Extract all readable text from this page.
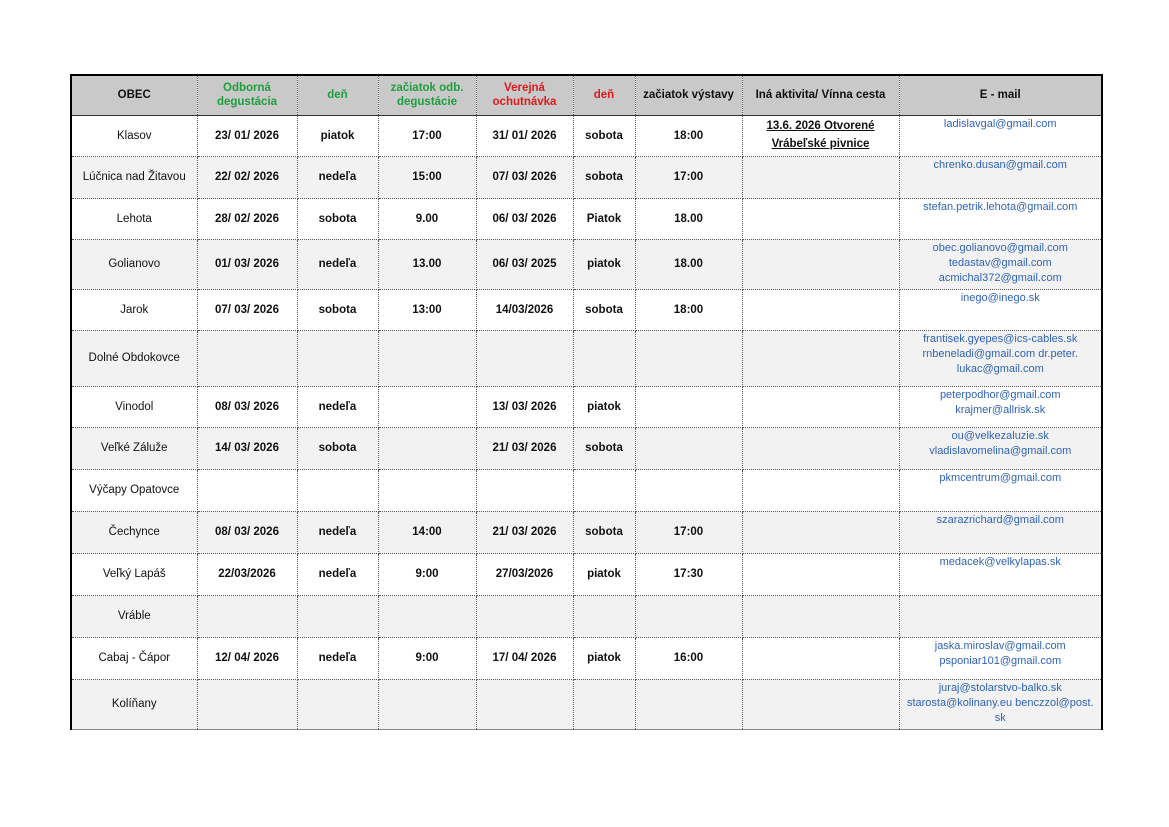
OBEC	Odborná degustácia	deň	začiatok odb. degustácie	Verejná ochutnávka	deň	začiatok výstavy	Iná aktivita/ Vínna cesta	E - mail
Klasov	23/ 01/ 2026	piatok	17:00	31/ 01/ 2026	sobota	18:00	13.6. 2026 Otvorené Vrábeľské pivnice	ladislavgal@gmail.com

Lúčnica nad Žitavou	22/ 02/ 2026	nedeľa	15:00	07/ 03/ 2026	sobota	17:00		chrenko.dusan@gmail.com

Lehota	28/ 02/ 2026	sobota	9.00	06/ 03/ 2026	Piatok	18.00		stefan.petrik.lehota@gmail.com

Golianovo	01/ 03/ 2026	nedeľa	13.00	06/ 03/ 2025	piatok	18.00		obec.golianovo@gmail.com
tedastav@gmail.com
acmichal372@gmail.com

Jarok	07/ 03/ 2026	sobota	13:00	14/03/2026	sobota	18:00		inego@inego.sk

Dolné Obdokovce								frantisek.gyepes@ics-cables.sk
rnbeneladi@gmail.com dr.peter.
lukac@gmail.com

Vinodol	08/ 03/ 2026	nedeľa		13/ 03/ 2026	piatok			peterpodhor@gmail.com
krajmer@allrisk.sk

Veľké Záluže	14/ 03/ 2026	sobota		21/ 03/ 2026	sobota			ou@velkezaluzie.sk
vladislavomelina@gmail.com

Výčapy Opatovce								pkmcentrum@gmail.com

Čechynce	08/ 03/ 2026	nedeľa	14:00	21/ 03/ 2026	sobota	17:00		szarazrichard@gmail.com

Veľký Lapáš	22/03/2026	nedeľa	9:00	27/03/2026	piatok	17:30		medacek@velkylapas.sk

Vráble								
Cabaj - Čápor	12/ 04/ 2026	nedeľa	9:00	17/ 04/ 2026	piatok	16:00		jaska.miroslav@gmail.com
psponiar101@gmail.com

Kolíňany								juraj@stolarstvo-balko.sk
starosta@kolinany.eu benczzol@post.
sk
